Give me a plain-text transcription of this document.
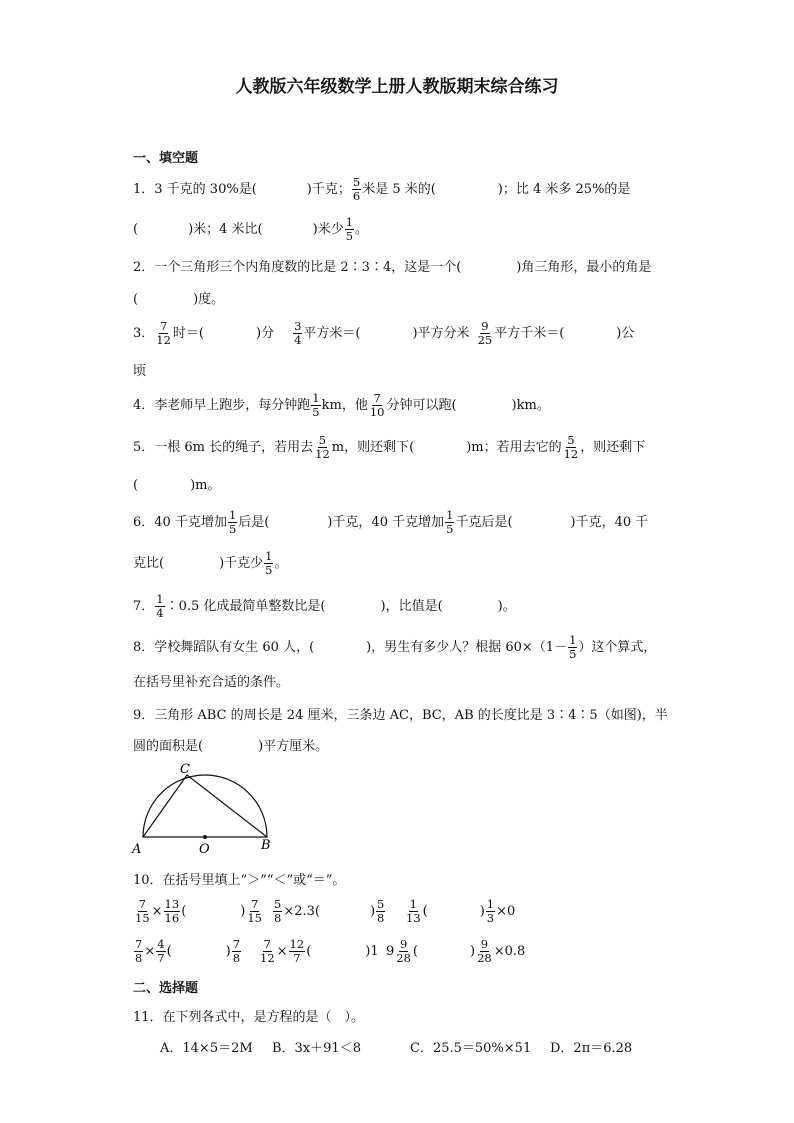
人教版六年级数学上册人教版期末综合练习
一、填空题
1．3 千克的 30%是(	)千克； $\frac{5}{6}$ 米是 5 米的(	)；比 4 米多 25%的是
(	)米；4 米比(	)米少 $\frac{1}{5}$ 。
2．一个三角形三个内角度数的比是 2∶3∶4，这是一个(	)角三角形，最小的角是
(	)度。
3． $\frac{7}{12}$ 时＝(	)分 $\frac{3}{4}$ 平方米＝(	)平方分米 $\frac{9}{25}$ 平方千米＝(	)公
顷
4．李老师早上跑步，每分钟跑 $\frac{1}{5}$ km，他 $\frac{7}{10}$ 分钟可以跑(	)km。
5．一根 6m 长的绳子，若用去 $\frac{5}{12}$ m，则还剩下(	)m；若用去它的 $\frac{5}{12}$ ，则还剩下
(	)m。
6．40 千克增加 $\frac{1}{5}$ 后是(	)千克，40 千克增加 $\frac{1}{5}$ 千克后是(	)千克，40 千
克比(	)千克少 $\frac{1}{5}$ 。
7． $\frac{1}{4}$ ∶0.5 化成最简单整数比是(	)，比值是(	)。
8．学校舞蹈队有女生 60 人，(	)，男生有多少人？根据 $60\times(1- \frac{1}{5}$ ）这个算式，
在括号里补充合适的条件。
9．三角形 ABC 的周长是 24 厘米，三条边 AC，BC，AB 的长度比是 3∶4∶5（如图)，半
圆的面积是(	)平方厘米。
C
A	O	B
10．在括号里填上“＞”“＜”或“＝”。
$\frac{7}{15} \times \frac{13}{16}$ (	) $\frac{7}{15} \frac{5}{8} \times 2.3$(	) $\frac{5}{8} \frac{1}{13}$ (	) $\frac{1}{3} \times 0$
$\frac{7}{8} \times \frac{4}{7}$ (	) $\frac{7}{8} \frac{7}{12} \times \frac{12}{7}$ (	)1 $9 \frac{9}{28}$ (	) $\frac{9}{28} \times 0.8$
二、选择题
11．在下列各式中，是方程的是（　）。
A．14×5＝2M B．3x＋91＜8	C．25.5＝50%×51 D．2π＝6.28
